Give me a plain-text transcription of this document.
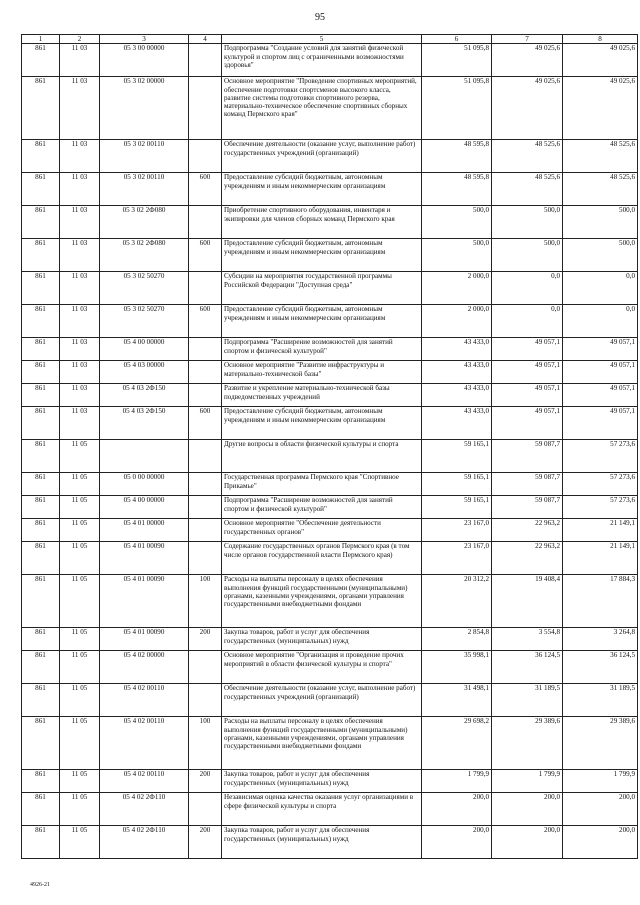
95
1	2	3	4	5	6	7	8
861	11 03	05 3 00 00000		Подпрограмма "Создание условий для занятий физической культурой и спортом лиц с ограниченными возможностями здоровья"	51 095,8	49 025,6	49 025,6
861	11 03	05 3 02 00000		Основное мероприятие "Проведение спортивных мероприятий, обеспечение подготовки спортсменов высокого класса, развитие системы подготовки спортивного резерва, материально-техническое обеспечение спортивных сборных команд Пермского края"	51 095,8	49 025,6	49 025,6
861	11 03	05 3 02 00110		Обеспечение деятельности (оказание услуг, выполнение работ) государственных учреждений (организаций)	48 595,8	48 525,6	48 525,6
861	11 03	05 3 02 00110	600	Предоставление субсидий бюджетным, автономным учреждениям и иным некоммерческим организациям	48 595,8	48 525,6	48 525,6
861	11 03	05 3 02 2Ф080		Приобретение спортивного оборудования, инвентаря и экипировки для членов сборных команд Пермского края	500,0	500,0	500,0
861	11 03	05 3 02 2Ф080	600	Предоставление субсидий бюджетным, автономным учреждениям и иным некоммерческим организациям	500,0	500,0	500,0
861	11 03	05 3 02 50270		Субсидии на мероприятия государственной программы Российской Федерации "Доступная среда"	2 000,0	0,0	0,0
861	11 03	05 3 02 50270	600	Предоставление субсидий бюджетным, автономным учреждениям и иным некоммерческим организациям	2 000,0	0,0	0,0
861	11 03	05 4 00 00000		Подпрограмма "Расширение возможностей для занятий спортом и физической культурой"	43 433,0	49 057,1	49 057,1
861	11 03	05 4 03 00000		Основное мероприятие "Развитие инфраструктуры и материально-технической базы"	43 433,0	49 057,1	49 057,1
861	11 03	05 4 03 2Ф150		Развитие и укрепление материально-технической базы подведомственных учреждений	43 433,0	49 057,1	49 057,1
861	11 03	05 4 03 2Ф150	600	Предоставление субсидий бюджетным, автономным учреждениям и иным некоммерческим организациям	43 433,0	49 057,1	49 057,1
861	11 05			Другие вопросы в области физической культуры и спорта	59 165,1	59 087,7	57 273,6
861	11 05	05 0 00 00000		Государственная программа Пермского края "Спортивное Прикамье"	59 165,1	59 087,7	57 273,6
861	11 05	05 4 00 00000		Подпрограмма "Расширение возможностей для занятий спортом и физической культурой"	59 165,1	59 087,7	57 273,6
861	11 05	05 4 01 00000		Основное мероприятие "Обеспечение деятельности государственных органов"	23 167,0	22 963,2	21 149,1
861	11 05	05 4 01 00090		Содержание государственных органов Пермского края (в том числе органов государственной власти Пермского края)	23 167,0	22 963,2	21 149,1
861	11 05	05 4 01 00090	100	Расходы на выплаты персоналу в целях обеспечения выполнения функций государственными (муниципальными) органами, казенными учреждениями, органами управления государственными внебюджетными фондами	20 312,2	19 408,4	17 884,3
861	11 05	05 4 01 00090	200	Закупка товаров, работ и услуг для обеспечения государственных (муниципальных) нужд	2 854,8	3 554,8	3 264,8
861	11 05	05 4 02 00000		Основное мероприятие "Организация и проведение прочих мероприятий в области физической культуры и спорта"	35 998,1	36 124,5	36 124,5
861	11 05	05 4 02 00110		Обеспечение деятельности (оказание услуг, выполнение работ) государственных учреждений (организаций)	31 498,1	31 189,5	31 189,5
861	11 05	05 4 02 00110	100	Расходы на выплаты персоналу в целях обеспечения выполнения функций государственными (муниципальными) органами, казенными учреждениями, органами управления государственными внебюджетными фондами	29 698,2	29 389,6	29 389,6
861	11 05	05 4 02 00110	200	Закупка товаров, работ и услуг для обеспечения государственных (муниципальных) нужд	1 799,9	1 799,9	1 799,9
861	11 05	05 4 02 2Ф110		Независимая оценка качества оказания услуг организациями в сфере физической культуры и спорта	200,0	200,0	200,0
861	11 05	05 4 02 2Ф110	200	Закупка товаров, работ и услуг для обеспечения государственных (муниципальных) нужд	200,0	200,0	200,0
4926-21
